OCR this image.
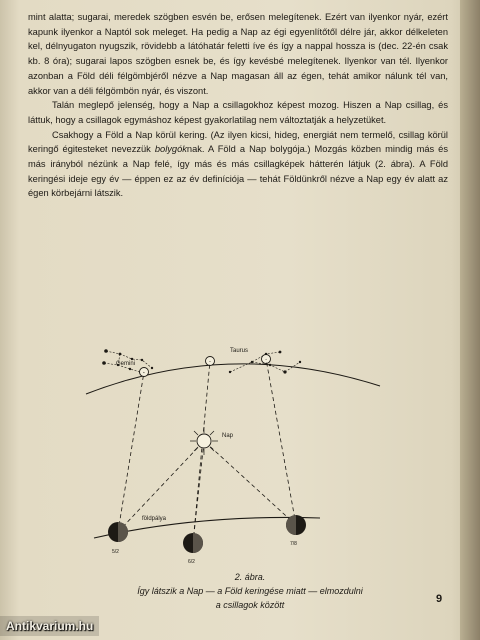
mint alatta; sugarai, meredek szögben esvén be, erősen melegítenek. Ezért van ilyenkor nyár, ezért kapunk ilyenkor a Naptól sok meleget. Ha pedig a Nap az égi egyenlítőtől délre jár, akkor délkeleten kel, délnyugaton nyugszik, rövidebb a látóhatár feletti íve és így a nappal hossza is (dec. 22-én csak kb. 8 óra); sugarai lapos szögben esnek be, és így kevésbé melegítenek. Ilyenkor van tél. Ilyenkor azonban a Föld déli félgömbjéről nézve a Nap magasan áll az égen, tehát amikor nálunk tél van, akkor van a déli félgömbön nyár, és viszont.

Talán meglepő jelenség, hogy a Nap a csillagokhoz képest mozog. Hiszen a Nap csillag, és láttuk, hogy a csillagok egymáshoz képest gyakorlatilag nem változtatják a helyzetüket.

Csakhogy a Föld a Nap körül kering. (Az ilyen kicsi, hideg, energiát nem termelő, csillag körül keringő égitesteket nevezzük bolygóknak. A Föld a Nap bolygója.) Mozgás közben mindig más és más irányból nézünk a Nap felé, így más és más csillagképek hátterén látjuk (2. ábra). A Föld keringési ideje egy év — éppen ez az év definíciója — tehát Földünkről nézve a Nap egy év alatt az égen körbejárni látszik.

Gemini
Taurus
Nap
földpálya
5/2
6/2
7/8
2. ábra.
Így látszik a Nap — a Föld keringése miatt — elmozdulni
a csillagok között	9
Antikvarium.hu
